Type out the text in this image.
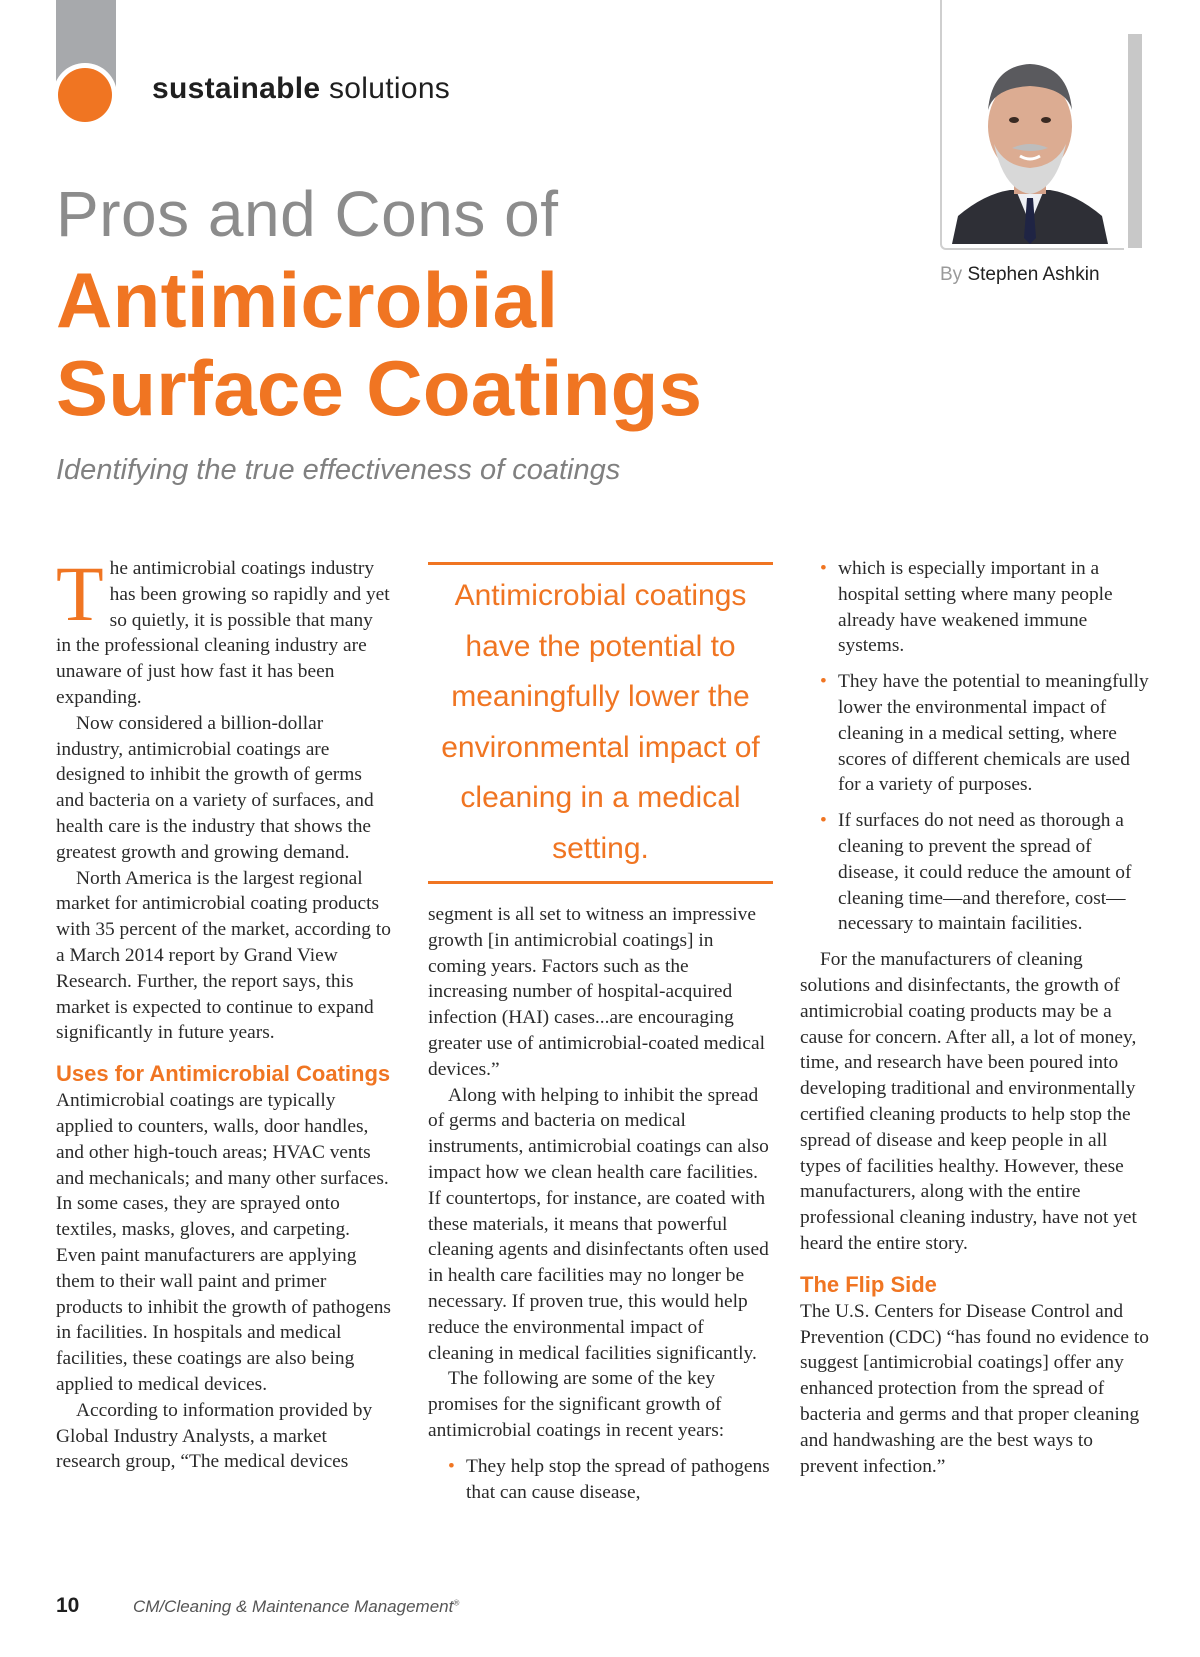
sustainable solutions
Pros and Cons of
Antimicrobial
Surface Coatings
Identifying the true effectiveness of coatings
By Stephen Ashkin

The antimicrobial coatings industry has been growing so rapidly and yet so quietly, it is possible that many in the professional cleaning industry are unaware of just how fast it has been expanding.

Now considered a billion-dollar industry, antimicrobial coatings are designed to inhibit the growth of germs and bacteria on a variety of surfaces, and health care is the industry that shows the greatest growth and growing demand.

North America is the largest regional market for antimicrobial coating products with 35 percent of the market, according to a March 2014 report by Grand View Research. Further, the report says, this market is expected to continue to expand significantly in future years.

Uses for Antimicrobial Coatings

Antimicrobial coatings are typically applied to counters, walls, door handles, and other high-touch areas; HVAC vents and mechanicals; and many other surfaces. In some cases, they are sprayed onto textiles, masks, gloves, and carpeting. Even paint manufacturers are applying them to their wall paint and primer products to inhibit the growth of pathogens in facilities. In hospitals and medical facilities, these coatings are also being applied to medical devices.

According to information provided by Global Industry Analysts, a market research group, “The medical devices

Antimicrobial coatings have the potential to meaningfully lower the environmental impact of cleaning in a medical setting.

segment is all set to witness an impressive growth [in antimicrobial coatings] in coming years. Factors such as the increasing number of hospital-acquired infection (HAI) cases...are encouraging greater use of antimicrobial-coated medical devices.”

Along with helping to inhibit the spread of germs and bacteria on medical instruments, antimicrobial coatings can also impact how we clean health care facilities. If countertops, for instance, are coated with these materials, it means that powerful cleaning agents and disinfectants often used in health care facilities may no longer be necessary. If proven true, this would help reduce the environmental impact of cleaning in medical facilities significantly.

The following are some of the key promises for the significant growth of antimicrobial coatings in recent years:

• They help stop the spread of pathogens that can cause disease,
• which is especially important in a hospital setting where many people already have weakened immune systems.
• They have the potential to meaningfully lower the environmental impact of cleaning in a medical setting, where scores of different chemicals are used for a variety of purposes.
• If surfaces do not need as thorough a cleaning to prevent the spread of disease, it could reduce the amount of cleaning time—and therefore, cost—necessary to maintain facilities.

For the manufacturers of cleaning solutions and disinfectants, the growth of antimicrobial coating products may be a cause for concern. After all, a lot of money, time, and research have been poured into developing traditional and environmentally certified cleaning products to help stop the spread of disease and keep people in all types of facilities healthy. However, these manufacturers, along with the entire professional cleaning industry, have not yet heard the entire story.

The Flip Side

The U.S. Centers for Disease Control and Prevention (CDC) “has found no evidence to suggest [antimicrobial coatings] offer any enhanced protection from the spread of bacteria and germs and that proper cleaning and handwashing are the best ways to prevent infection.”

10	CM/Cleaning & Maintenance Management®
